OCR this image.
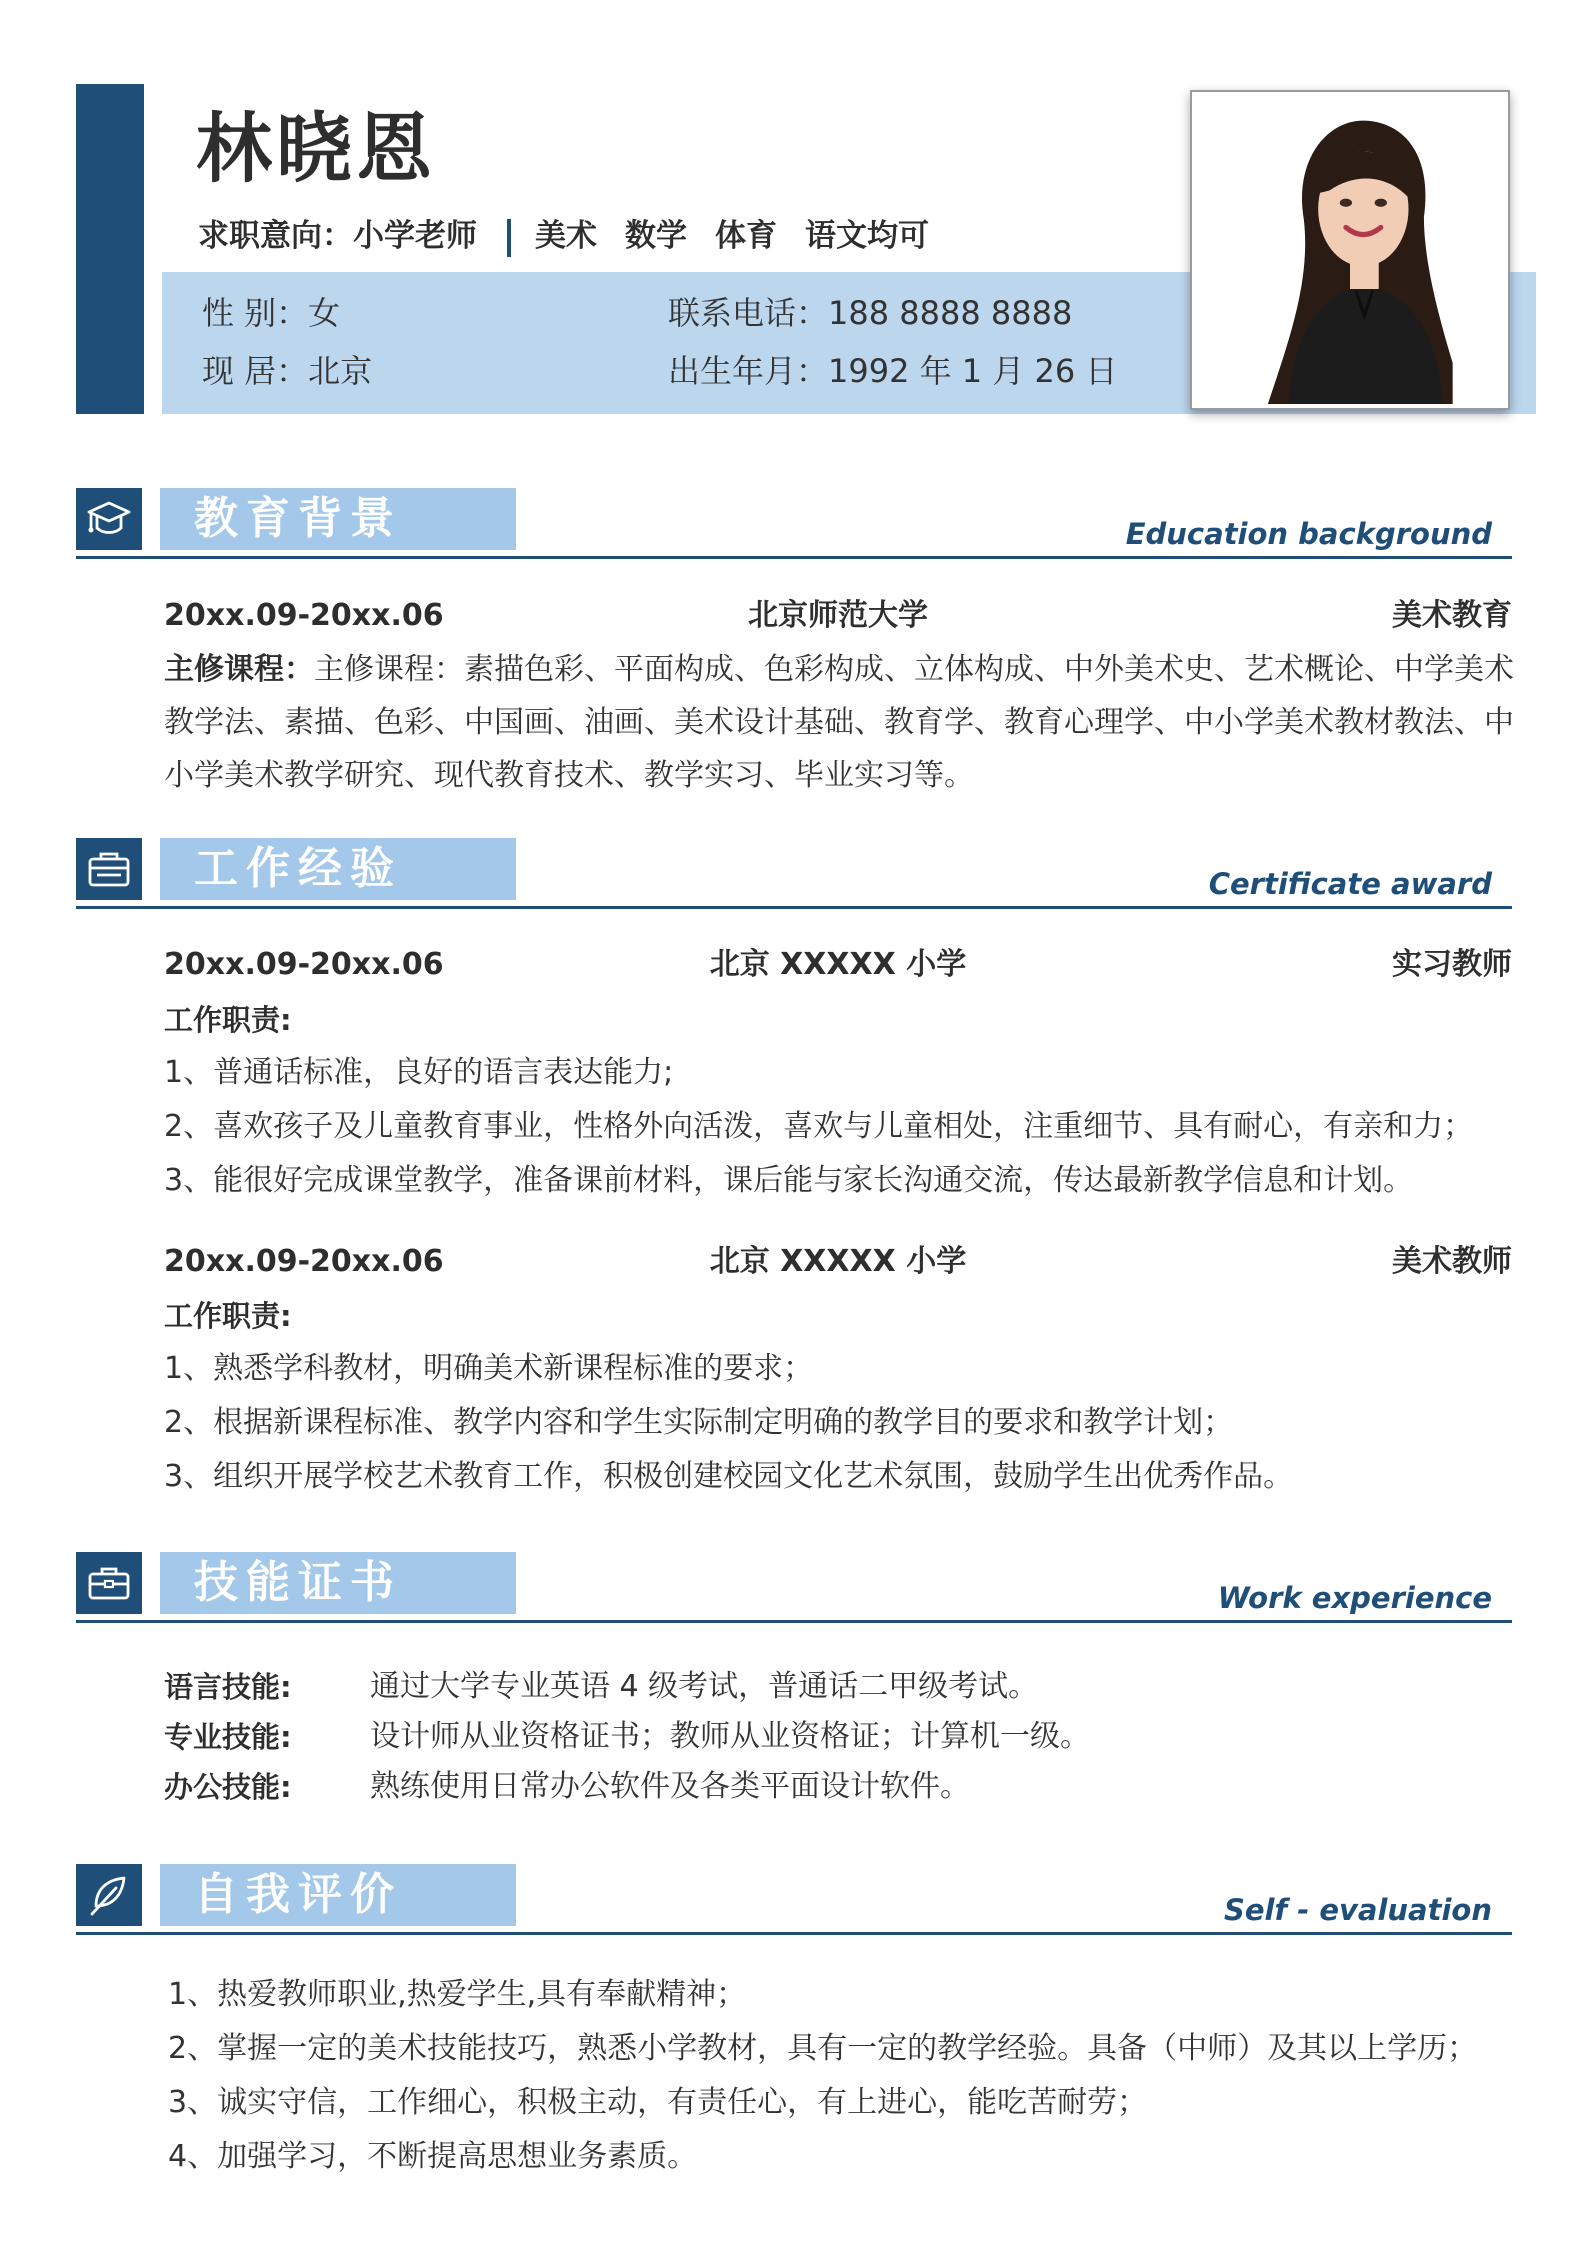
林晓恩
求职意向：小学老师 美术 数学 体育 语文均可
性 别：女
现 居：北京
联系电话：188 8888 8888
出生年月：1992 年 1 月 26 日
教育背景	Education background
20xx.09-20xx.06	北京师范大学	美术教育
主修课程：主修课程：素描色彩、平面构成、色彩构成、立体构成、中外美术史、艺术概论、中学美术教学法、素描、色彩、中国画、油画、美术设计基础、教育学、教育心理学、中小学美术教材教法、中小学美术教学研究、现代教育技术、教学实习、毕业实习等。
工作经验	Certificate award
20xx.09-20xx.06	北京 XXXXX 小学	实习教师
工作职责:
1、普通话标准，良好的语言表达能力;
2、喜欢孩子及儿童教育事业，性格外向活泼，喜欢与儿童相处，注重细节、具有耐心，有亲和力；
3、能很好完成课堂教学，准备课前材料，课后能与家长沟通交流，传达最新教学信息和计划。
20xx.09-20xx.06	北京 XXXXX 小学	美术教师
工作职责:
1、熟悉学科教材，明确美术新课程标准的要求；
2、根据新课程标准、教学内容和学生实际制定明确的教学目的要求和教学计划；
3、组织开展学校艺术教育工作，积极创建校园文化艺术氛围，鼓励学生出优秀作品。
技能证书	Work experience
语言技能:	通过大学专业英语 4 级考试，普通话二甲级考试。
专业技能:	设计师从业资格证书；教师从业资格证；计算机一级。
办公技能:	熟练使用日常办公软件及各类平面设计软件。
自我评价	Self - evaluation
1、热爱教师职业,热爱学生,具有奉献精神；
2、掌握一定的美术技能技巧，熟悉小学教材，具有一定的教学经验。具备（中师）及其以上学历；
3、诚实守信，工作细心，积极主动，有责任心，有上进心，能吃苦耐劳；
4、加强学习，不断提高思想业务素质。
